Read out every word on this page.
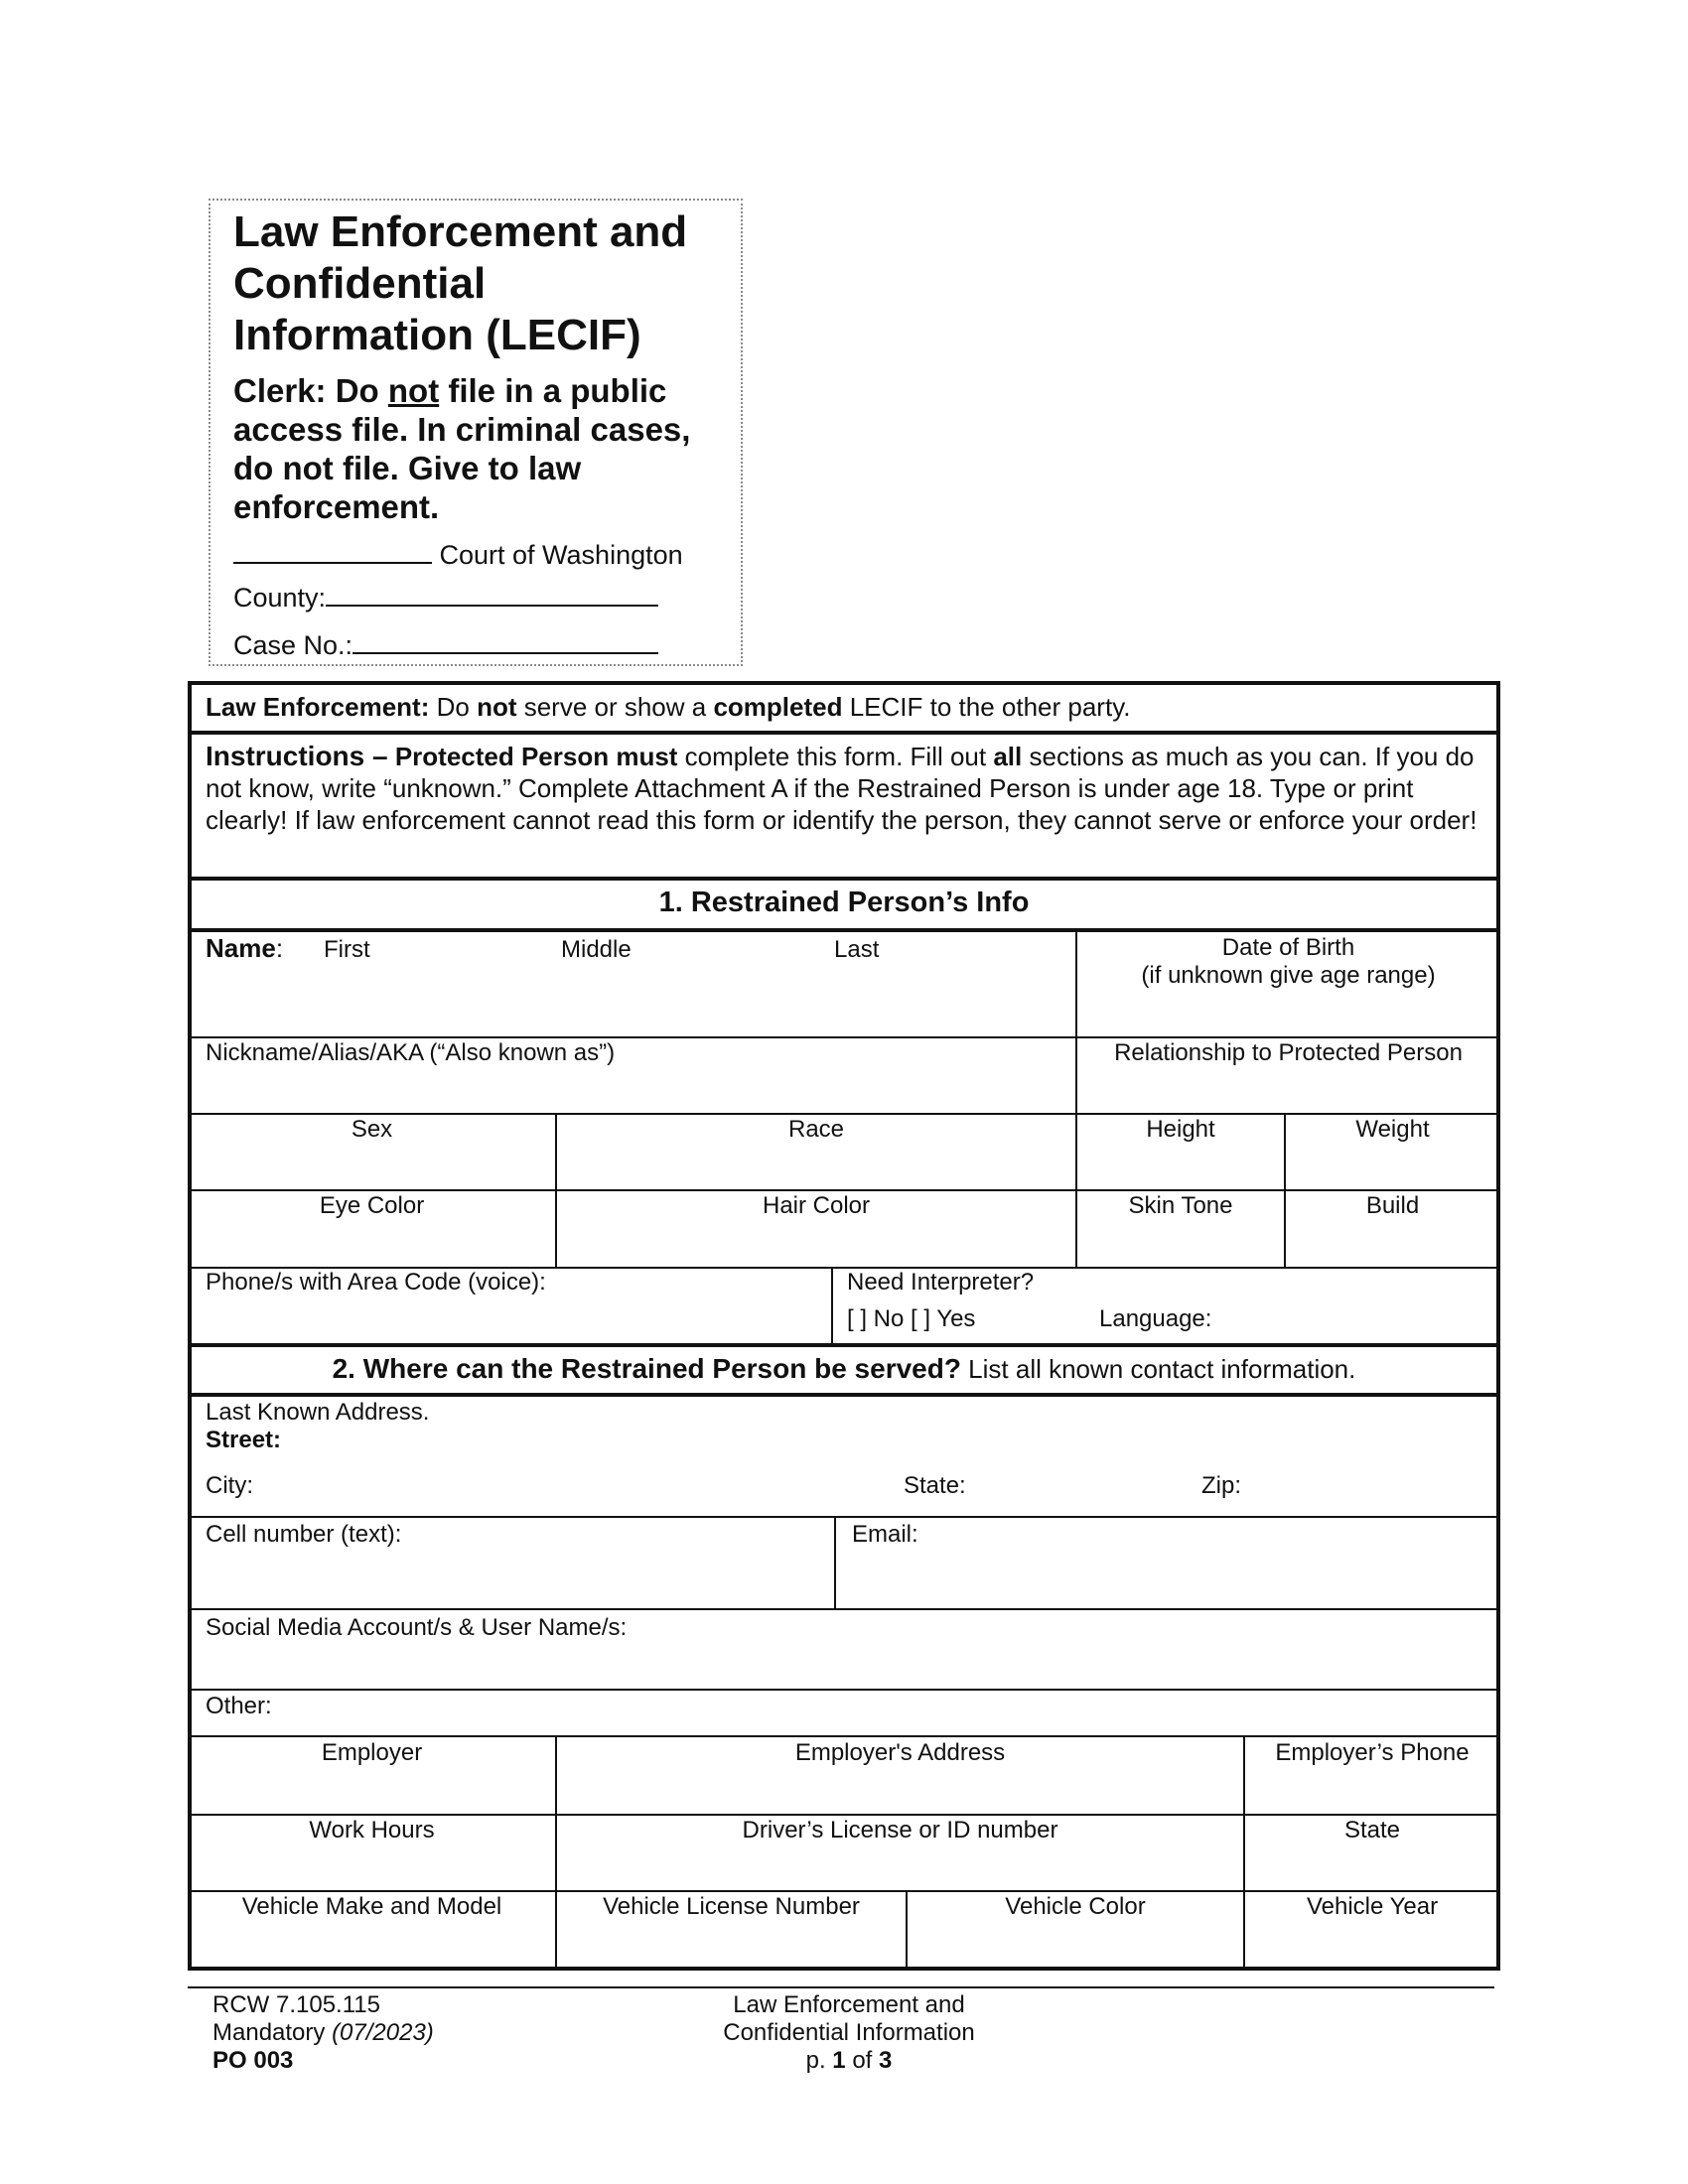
Law Enforcement and Confidential Information (LECIF)
Clerk: Do not file in a public access file. In criminal cases, do not file. Give to law enforcement.
Court of Washington
County:
Case No.:
Law Enforcement: Do not serve or show a completed LECIF to the other party.
Instructions – Protected Person must complete this form. Fill out all sections as much as you can. If you do not know, write “unknown.” Complete Attachment A if the Restrained Person is under age 18. Type or print clearly! If law enforcement cannot read this form or identify the person, they cannot serve or enforce your order!
1. Restrained Person’s Info
Name: First	Middle	Last	Date of Birth
(if unknown give age range)
Nickname/Alias/AKA (“Also known as”)	Relationship to Protected Person
Sex	Race	Height	Weight
Eye Color	Hair Color	Skin Tone	Build
Phone/s with Area Code (voice):	Need Interpreter?
[ ] No [ ] Yes	Language:
2. Where can the Restrained Person be served? List all known contact information.
Last Known Address.
Street:
City:	State:	Zip:
Cell number (text):	Email:
Social Media Account/s & User Name/s:
Other:
Employer	Employer's Address	Employer’s Phone
Work Hours	Driver’s License or ID number	State
Vehicle Make and Model	Vehicle License Number	Vehicle Color	Vehicle Year
RCW 7.105.115
Mandatory (07/2023)
PO 003
Law Enforcement and
Confidential Information
p. 1 of 3
